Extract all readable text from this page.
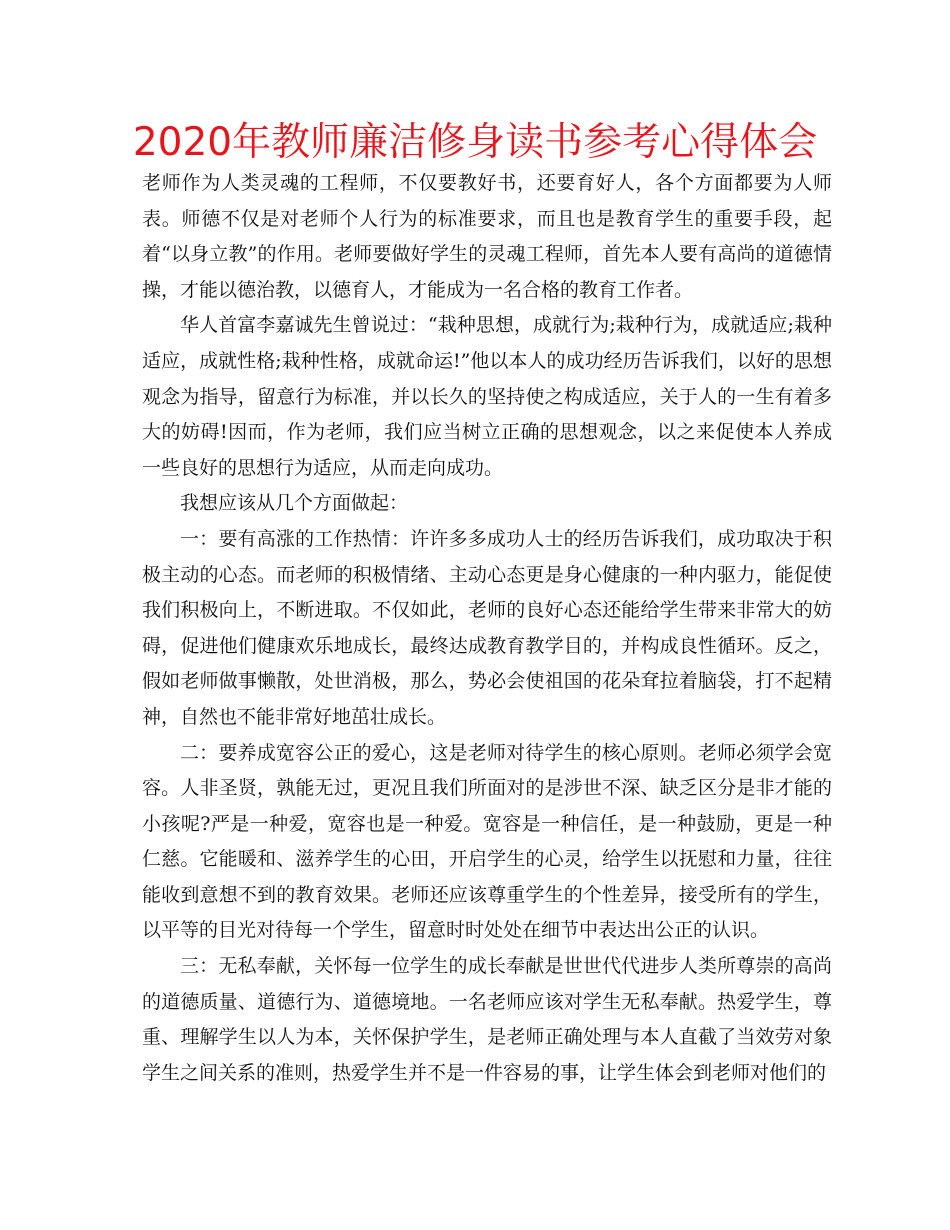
2020年教师廉洁修身读书参考心得体会

老师作为人类灵魂的工程师，不仅要教好书，还要育好人，各个方面都要为人师表。师德不仅是对老师个人行为的标准要求，而且也是教育学生的重要手段，起着“以身立教”的作用。老师要做好学生的灵魂工程师，首先本人要有高尚的道德情操，才能以德治教，以德育人，才能成为一名合格的教育工作者。

华人首富李嘉诚先生曾说过：“栽种思想，成就行为;栽种行为，成就适应;栽种适应，成就性格;栽种性格，成就命运!”他以本人的成功经历告诉我们，以好的思想观念为指导，留意行为标准，并以长久的坚持使之构成适应，关于人的一生有着多大的妨碍!因而，作为老师，我们应当树立正确的思想观念，以之来促使本人养成一些良好的思想行为适应，从而走向成功。

我想应该从几个方面做起：

一：要有高涨的工作热情：许许多多成功人士的经历告诉我们，成功取决于积极主动的心态。而老师的积极情绪、主动心态更是身心健康的一种内驱力，能促使我们积极向上，不断进取。不仅如此，老师的良好心态还能给学生带来非常大的妨碍，促进他们健康欢乐地成长，最终达成教育教学目的，并构成良性循环。反之，假如老师做事懒散，处世消极，那么，势必会使祖国的花朵耷拉着脑袋，打不起精神，自然也不能非常好地茁壮成长。

二：要养成宽容公正的爱心，这是老师对待学生的核心原则。老师必须学会宽容。人非圣贤，孰能无过，更况且我们所面对的是涉世不深、缺乏区分是非才能的小孩呢?严是一种爱，宽容也是一种爱。宽容是一种信任，是一种鼓励，更是一种仁慈。它能暖和、滋养学生的心田，开启学生的心灵，给学生以抚慰和力量，往往能收到意想不到的教育效果。老师还应该尊重学生的个性差异，接受所有的学生，以平等的目光对待每一个学生，留意时时处处在细节中表达出公正的认识。

三：无私奉献，关怀每一位学生的成长奉献是世世代代进步人类所尊崇的高尚的道德质量、道德行为、道德境地。一名老师应该对学生无私奉献。热爱学生，尊重、理解学生以人为本，关怀保护学生，是老师正确处理与本人直截了当效劳对象学生之间关系的准则，热爱学生并不是一件容易的事，让学生体会到老师对他们的
